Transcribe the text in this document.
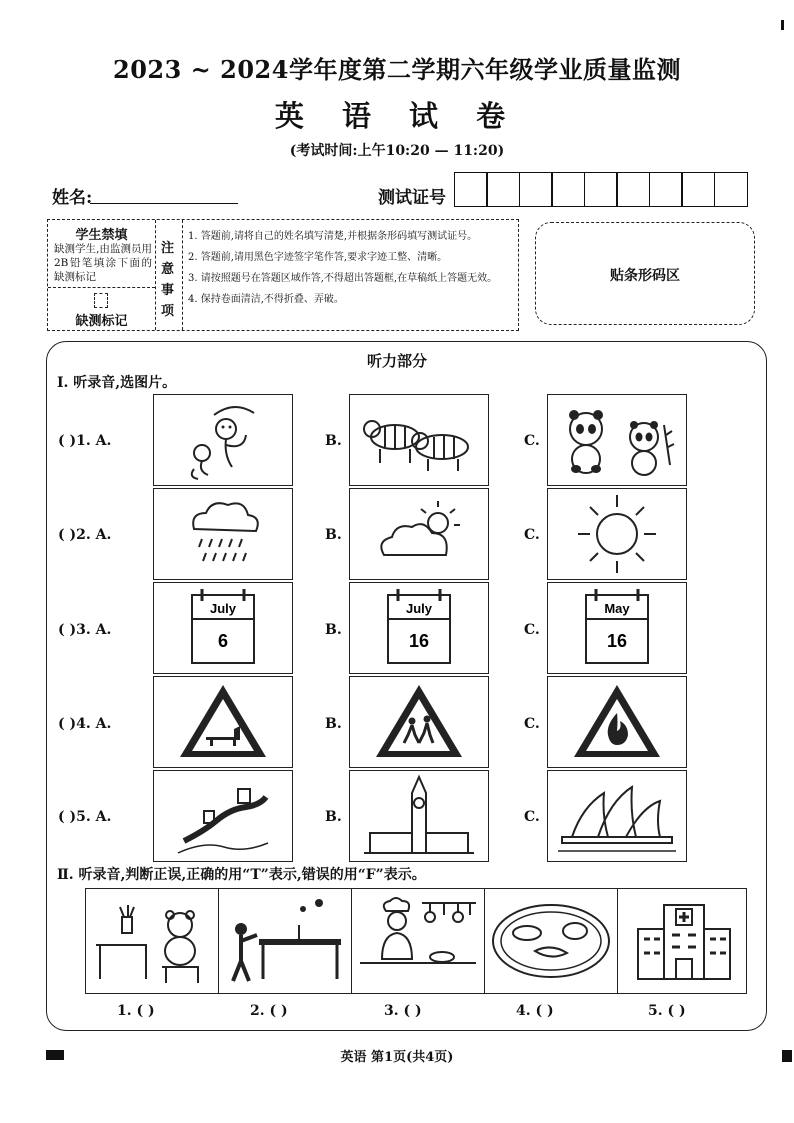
2023 ~ 2024学年度第二学期六年级学业质量监测
英 语 试 卷
(考试时间:上午10:20 — 11:20)
姓名:	测试证号
学生禁填
缺测学生,由监测员用2B铅笔填涂下面的缺测标记
缺测标记
注意事项
1. 答题前,请将自己的姓名填写清楚,并根据条形码填写测试证号。
2. 答题前,请用黑色字迹签字笔作答,要求字迹工整、清晰。
3. 请按照题号在答题区域作答,不得超出答题框,在草稿纸上答题无效。
4. 保持卷面清洁,不得折叠、弄破。
贴条形码区
听力部分
Ⅰ. 听录音,选图片。
( )1. A.	B.	C.
( )2. A.	B.	C.
( )3. A.
July
6
B.
July
16
C.
May
16
( )4. A.	B.	C.
( )5. A.	B.	C.
Ⅱ. 听录音,判断正误,正确的用“T”表示,错误的用“F”表示。
1. ( )	2. ( )	3. ( )	4. ( )	5. ( )
英语 第1页(共4页)
